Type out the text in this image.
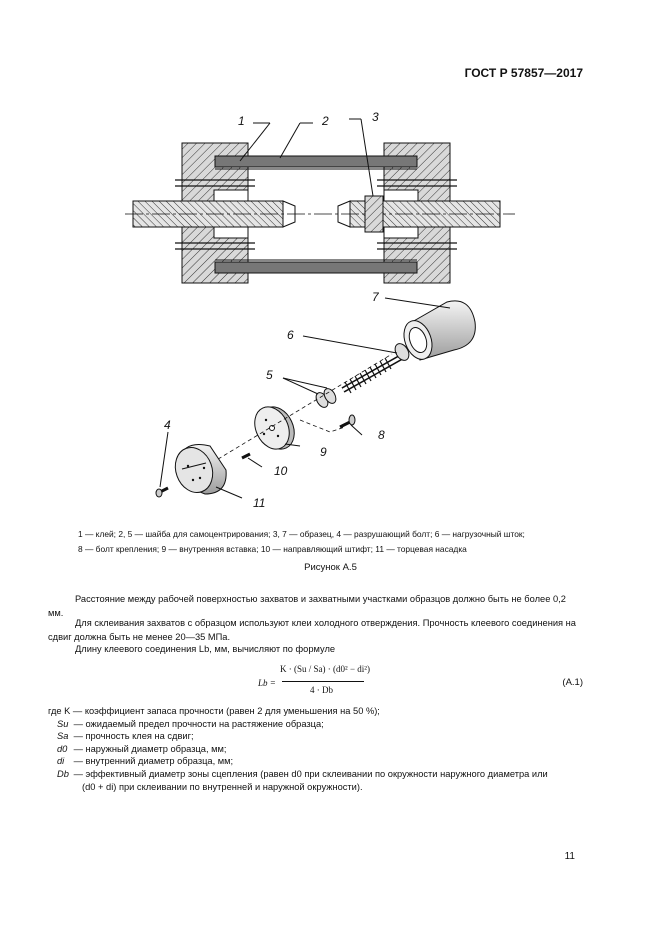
ГОСТ Р 57857—2017
1	2	3
4
5
6
7
8
9
10
11
1 — клей; 2, 5 — шайба для самоцентрирования; 3, 7 — образец, 4 — разрушающий болт; 6 — нагрузочный шток;
8 — болт крепления; 9 — внутренняя вставка; 10 — направляющий штифт; 11 — торцевая насадка
Рисунок А.5
Расстояние между рабочей поверхностью захватов и захватными участками образцов должно быть не более 0,2 мм.
Для склеивания захватов с образцом используют клеи холодного отверждения. Прочность клеевого соединения на сдвиг должна быть не менее 20—35 МПа.
Длину клеевого соединения Lb, мм, вычисляют по формуле
Lb =
K · (Su / Sa) · (d0² − di²)
4 · Db
(А.1)
где K — коэффициент запаса прочности (равен 2 для уменьшения на 50 %);
Su — ожидаемый предел прочности на растяжение образца;
Sa — прочность клея на сдвиг;
d0 — наружный диаметр образца, мм;
di — внутренний диаметр образца, мм;
Db — эффективный диаметр зоны сцепления (равен d0 при склеивании по окружности наружного диаметра или
(d0 + di) при склеивании по внутренней и наружной окружности).
11
